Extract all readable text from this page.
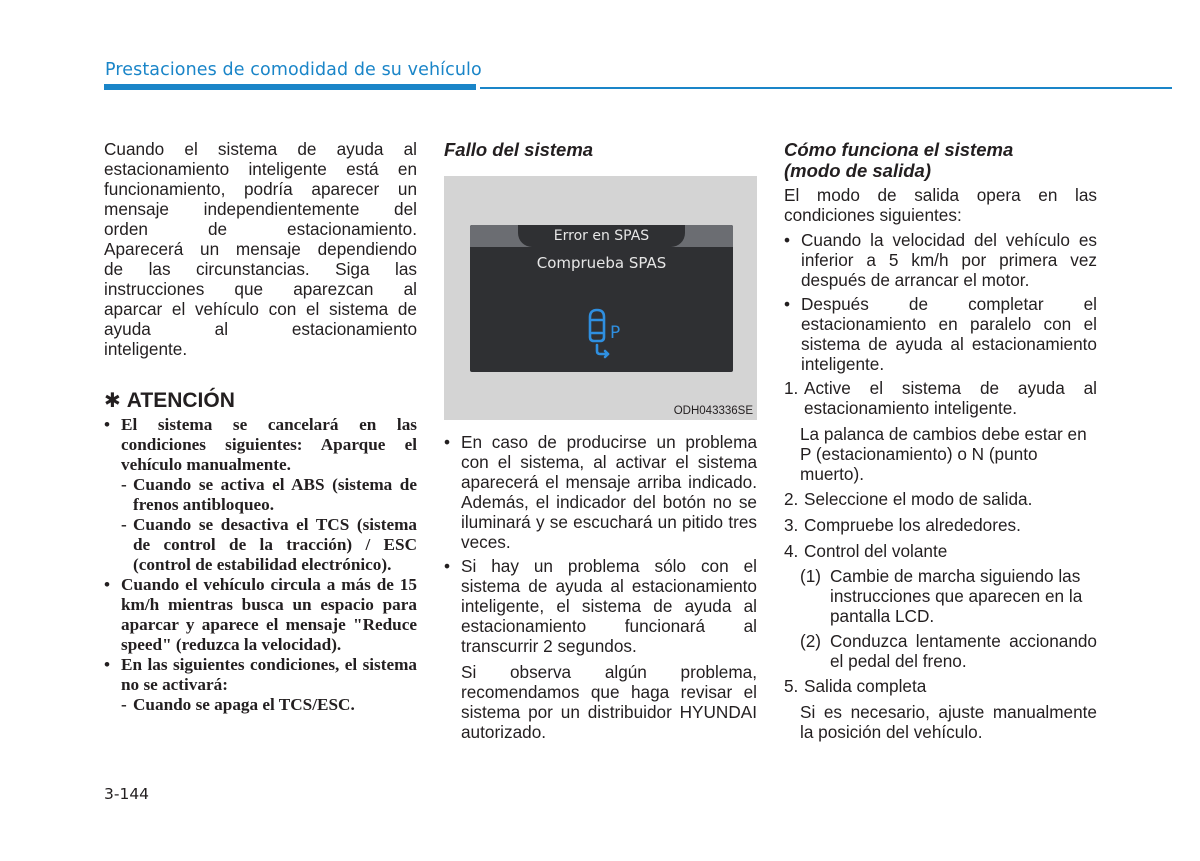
Prestaciones de comodidad de su vehículo

Cuando el sistema de ayuda al

estacionamiento inteligente está en

funcionamiento, podría aparecer un

mensaje independientemente del

orden de estacionamiento.

Aparecerá un mensaje dependiendo

de las circunstancias. Siga las

instrucciones que aparezcan al

aparcar el vehículo con el sistema de

ayuda al estacionamiento

inteligente.

✱ ATENCIÓN
• El sistema se cancelará en las condiciones siguientes: Aparque el vehículo manualmente.
- Cuando se activa el ABS (sistema de frenos antibloqueo.
- Cuando se desactiva el TCS (sistema de control de la tracción) / ESC (control de estabilidad electrónico).
• Cuando el vehículo circula a más de 15 km/h mientras busca un espacio para aparcar y aparece el mensaje "Reduce speed" (reduzca la velocidad).
• En las siguientes condiciones, el sistema no se activará:
- Cuando se apaga el TCS/ESC.
Fallo del sistema
Error en SPAS
Comprueba SPAS
P
ODH043336SE
• En caso de producirse un problema con el sistema, al activar el sistema aparecerá el mensaje arriba indicado. Además, el indicador del botón no se iluminará y se escuchará un pitido tres veces.
• Si hay un problema sólo con el sistema de ayuda al estacionamiento inteligente, el sistema de ayuda al estacionamiento funcionará al transcurrir 2 segundos.

Si observa algún problema, recomendamos que haga revisar el sistema por un distribuidor HYUNDAI autorizado.

Cómo funciona el sistema
(modo de salida)

El modo de salida opera en las condiciones siguientes:

• Cuando la velocidad del vehículo es inferior a 5 km/h por primera vez después de arrancar el motor.
• Después de completar el estacionamiento en paralelo con el sistema de ayuda al estacionamiento inteligente.
1. Active el sistema de ayuda al estacionamiento inteligente.

La palanca de cambios debe estar en P (estacionamiento) o N (punto muerto).

2. Seleccione el modo de salida.
3. Compruebe los alrededores.
4. Control del volante
(1) Cambie de marcha siguiendo las instrucciones que aparecen en la pantalla LCD.
(2) Conduzca lentamente accionando el pedal del freno.
5. Salida completa

Si es necesario, ajuste manualmente la posición del vehículo.

3-144
